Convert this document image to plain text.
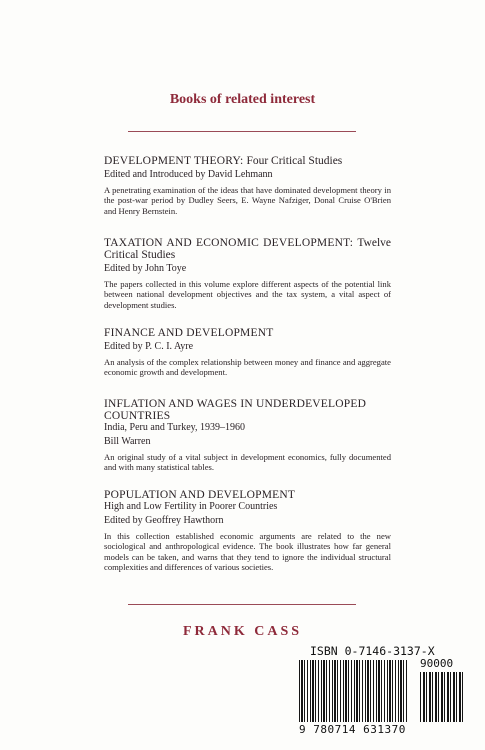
Books of related interest
DEVELOPMENT THEORY: Four Critical Studies
Edited and Introduced by David Lehmann
A penetrating examination of the ideas that have dominated development theory in the post-war period by Dudley Seers, E. Wayne Nafziger, Donal Cruise O'Brien and Henry Bernstein.
TAXATION AND ECONOMIC DEVELOPMENT: Twelve Critical Studies
Edited by John Toye
The papers collected in this volume explore different aspects of the potential link between national development objectives and the tax system, a vital aspect of development studies.
FINANCE AND DEVELOPMENT
Edited by P. C. I. Ayre
An analysis of the complex relationship between money and finance and aggregate economic growth and development.
INFLATION AND WAGES IN UNDERDEVELOPED COUNTRIES
India, Peru and Turkey, 1939–1960
Bill Warren
An original study of a vital subject in development economics, fully documented and with many statistical tables.
POPULATION AND DEVELOPMENT
High and Low Fertility in Poorer Countries
Edited by Geoffrey Hawthorn
In this collection established economic arguments are related to the new sociological and anthropological evidence. The book illustrates how far general models can be taken, and warns that they tend to ignore the individual structural complexities and differences of various societies.
FRANK CASS
ISBN 0-7146-3137-X
90000
9 780714 631370
